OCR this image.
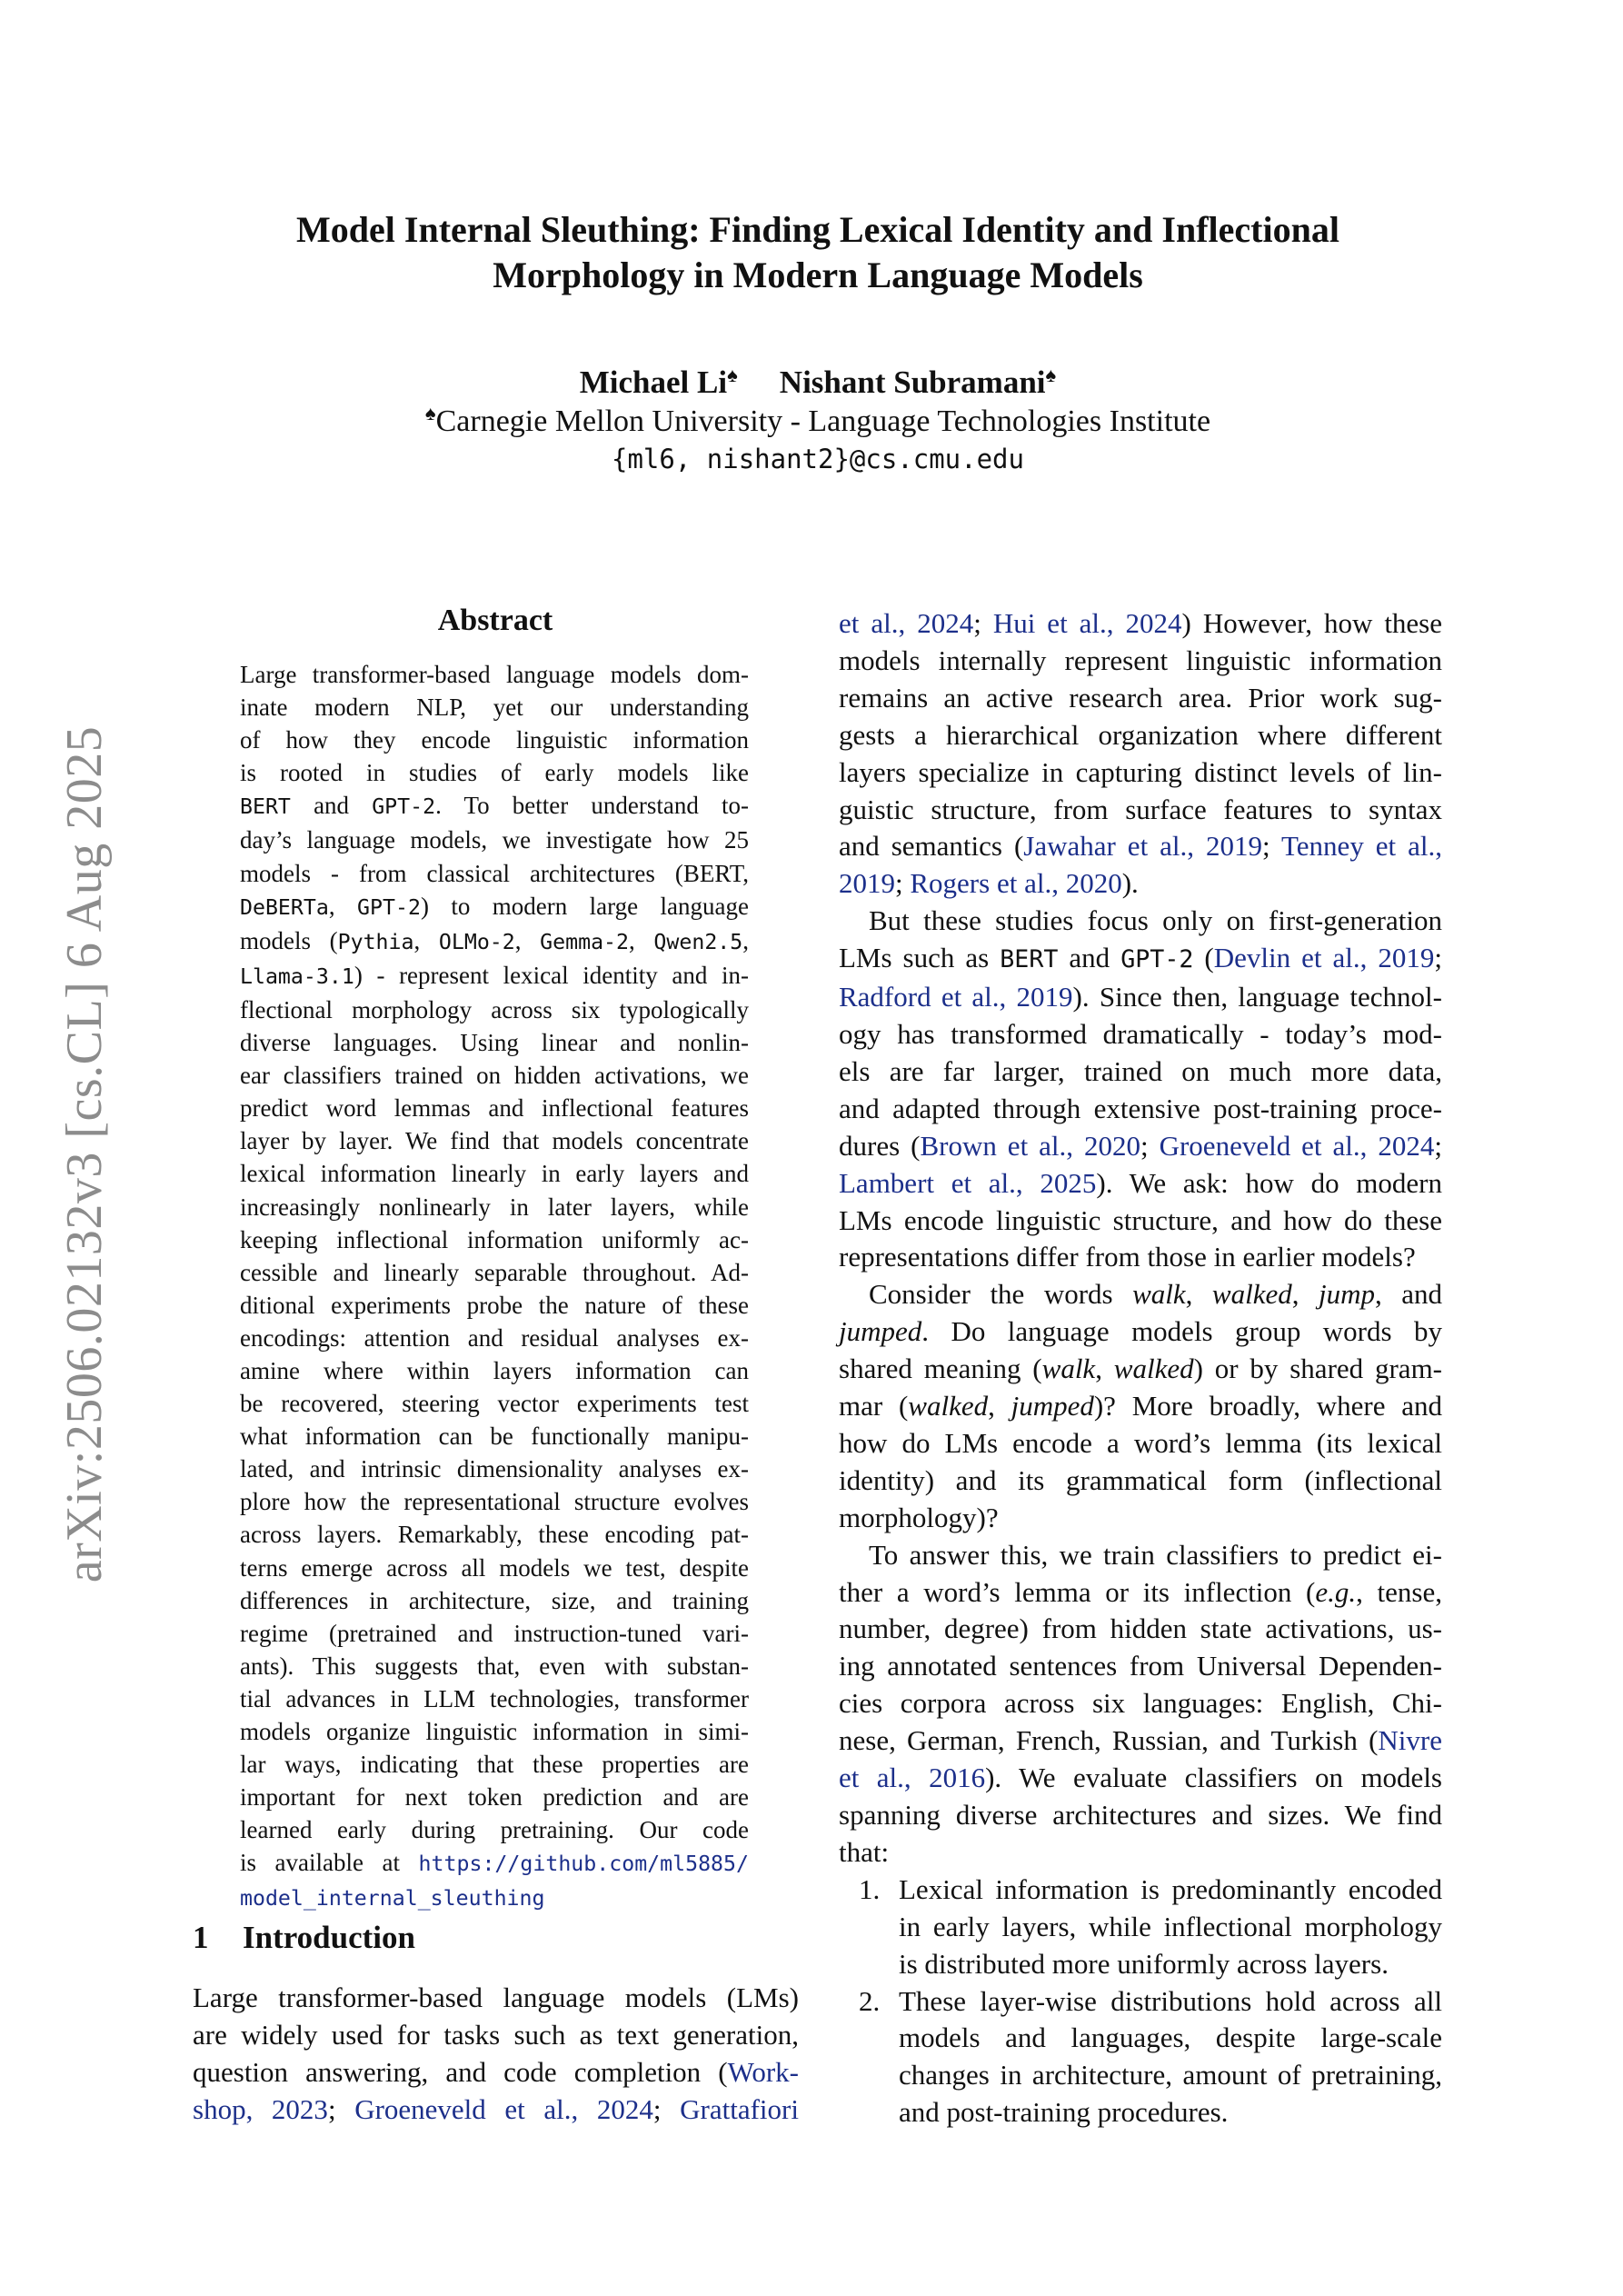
arXiv:2506.02132v3 [cs.CL] 6 Aug 2025
Model Internal Sleuthing: Finding Lexical Identity and Inflectional
Morphology in Modern Language Models
Michael Li♠ Nishant Subramani♠
♠Carnegie Mellon University - Language Technologies Institute
{ml6, nishant2}@cs.cmu.edu
Abstract
Large transformer-based language models dom-
inate modern NLP, yet our understanding
of how they encode linguistic information
is rooted in studies of early models like
BERT and GPT-2. To better understand to-
day’s language models, we investigate how 25
models - from classical architectures (BERT,
DeBERTa, GPT-2) to modern large language
models (Pythia, OLMo-2, Gemma-2, Qwen2.5,
Llama-3.1) - represent lexical identity and in-
flectional morphology across six typologically
diverse languages. Using linear and nonlin-
ear classifiers trained on hidden activations, we
predict word lemmas and inflectional features
layer by layer. We find that models concentrate
lexical information linearly in early layers and
increasingly nonlinearly in later layers, while
keeping inflectional information uniformly ac-
cessible and linearly separable throughout. Ad-
ditional experiments probe the nature of these
encodings: attention and residual analyses ex-
amine where within layers information can
be recovered, steering vector experiments test
what information can be functionally manipu-
lated, and intrinsic dimensionality analyses ex-
plore how the representational structure evolves
across layers. Remarkably, these encoding pat-
terns emerge across all models we test, despite
differences in architecture, size, and training
regime (pretrained and instruction-tuned vari-
ants). This suggests that, even with substan-
tial advances in LLM technologies, transformer
models organize linguistic information in simi-
lar ways, indicating that these properties are
important for next token prediction and are
learned early during pretraining. Our code
is available at https://github.com/ml5885/
model_internal_sleuthing
1 Introduction
Large transformer-based language models (LMs)
are widely used for tasks such as text generation,
question answering, and code completion (Work-
shop, 2023; Groeneveld et al., 2024; Grattafiori
et al., 2024; Hui et al., 2024) However, how these
models internally represent linguistic information
remains an active research area. Prior work sug-
gests a hierarchical organization where different
layers specialize in capturing distinct levels of lin-
guistic structure, from surface features to syntax
and semantics (Jawahar et al., 2019; Tenney et al.,
2019; Rogers et al., 2020).
But these studies focus only on first-generation
LMs such as BERT and GPT-2 (Devlin et al., 2019;
Radford et al., 2019). Since then, language technol-
ogy has transformed dramatically - today’s mod-
els are far larger, trained on much more data,
and adapted through extensive post-training proce-
dures (Brown et al., 2020; Groeneveld et al., 2024;
Lambert et al., 2025). We ask: how do modern
LMs encode linguistic structure, and how do these
representations differ from those in earlier models?
Consider the words walk, walked, jump, and
jumped. Do language models group words by
shared meaning (walk, walked) or by shared gram-
mar (walked, jumped)? More broadly, where and
how do LMs encode a word’s lemma (its lexical
identity) and its grammatical form (inflectional
morphology)?
To answer this, we train classifiers to predict ei-
ther a word’s lemma or its inflection (e.g., tense,
number, degree) from hidden state activations, us-
ing annotated sentences from Universal Dependen-
cies corpora across six languages: English, Chi-
nese, German, French, Russian, and Turkish (Nivre
et al., 2016). We evaluate classifiers on models
spanning diverse architectures and sizes. We find
that:
1. Lexical information is predominantly encoded
in early layers, while inflectional morphology
is distributed more uniformly across layers.
2. These layer-wise distributions hold across all
models and languages, despite large-scale
changes in architecture, amount of pretraining,
and post-training procedures.
